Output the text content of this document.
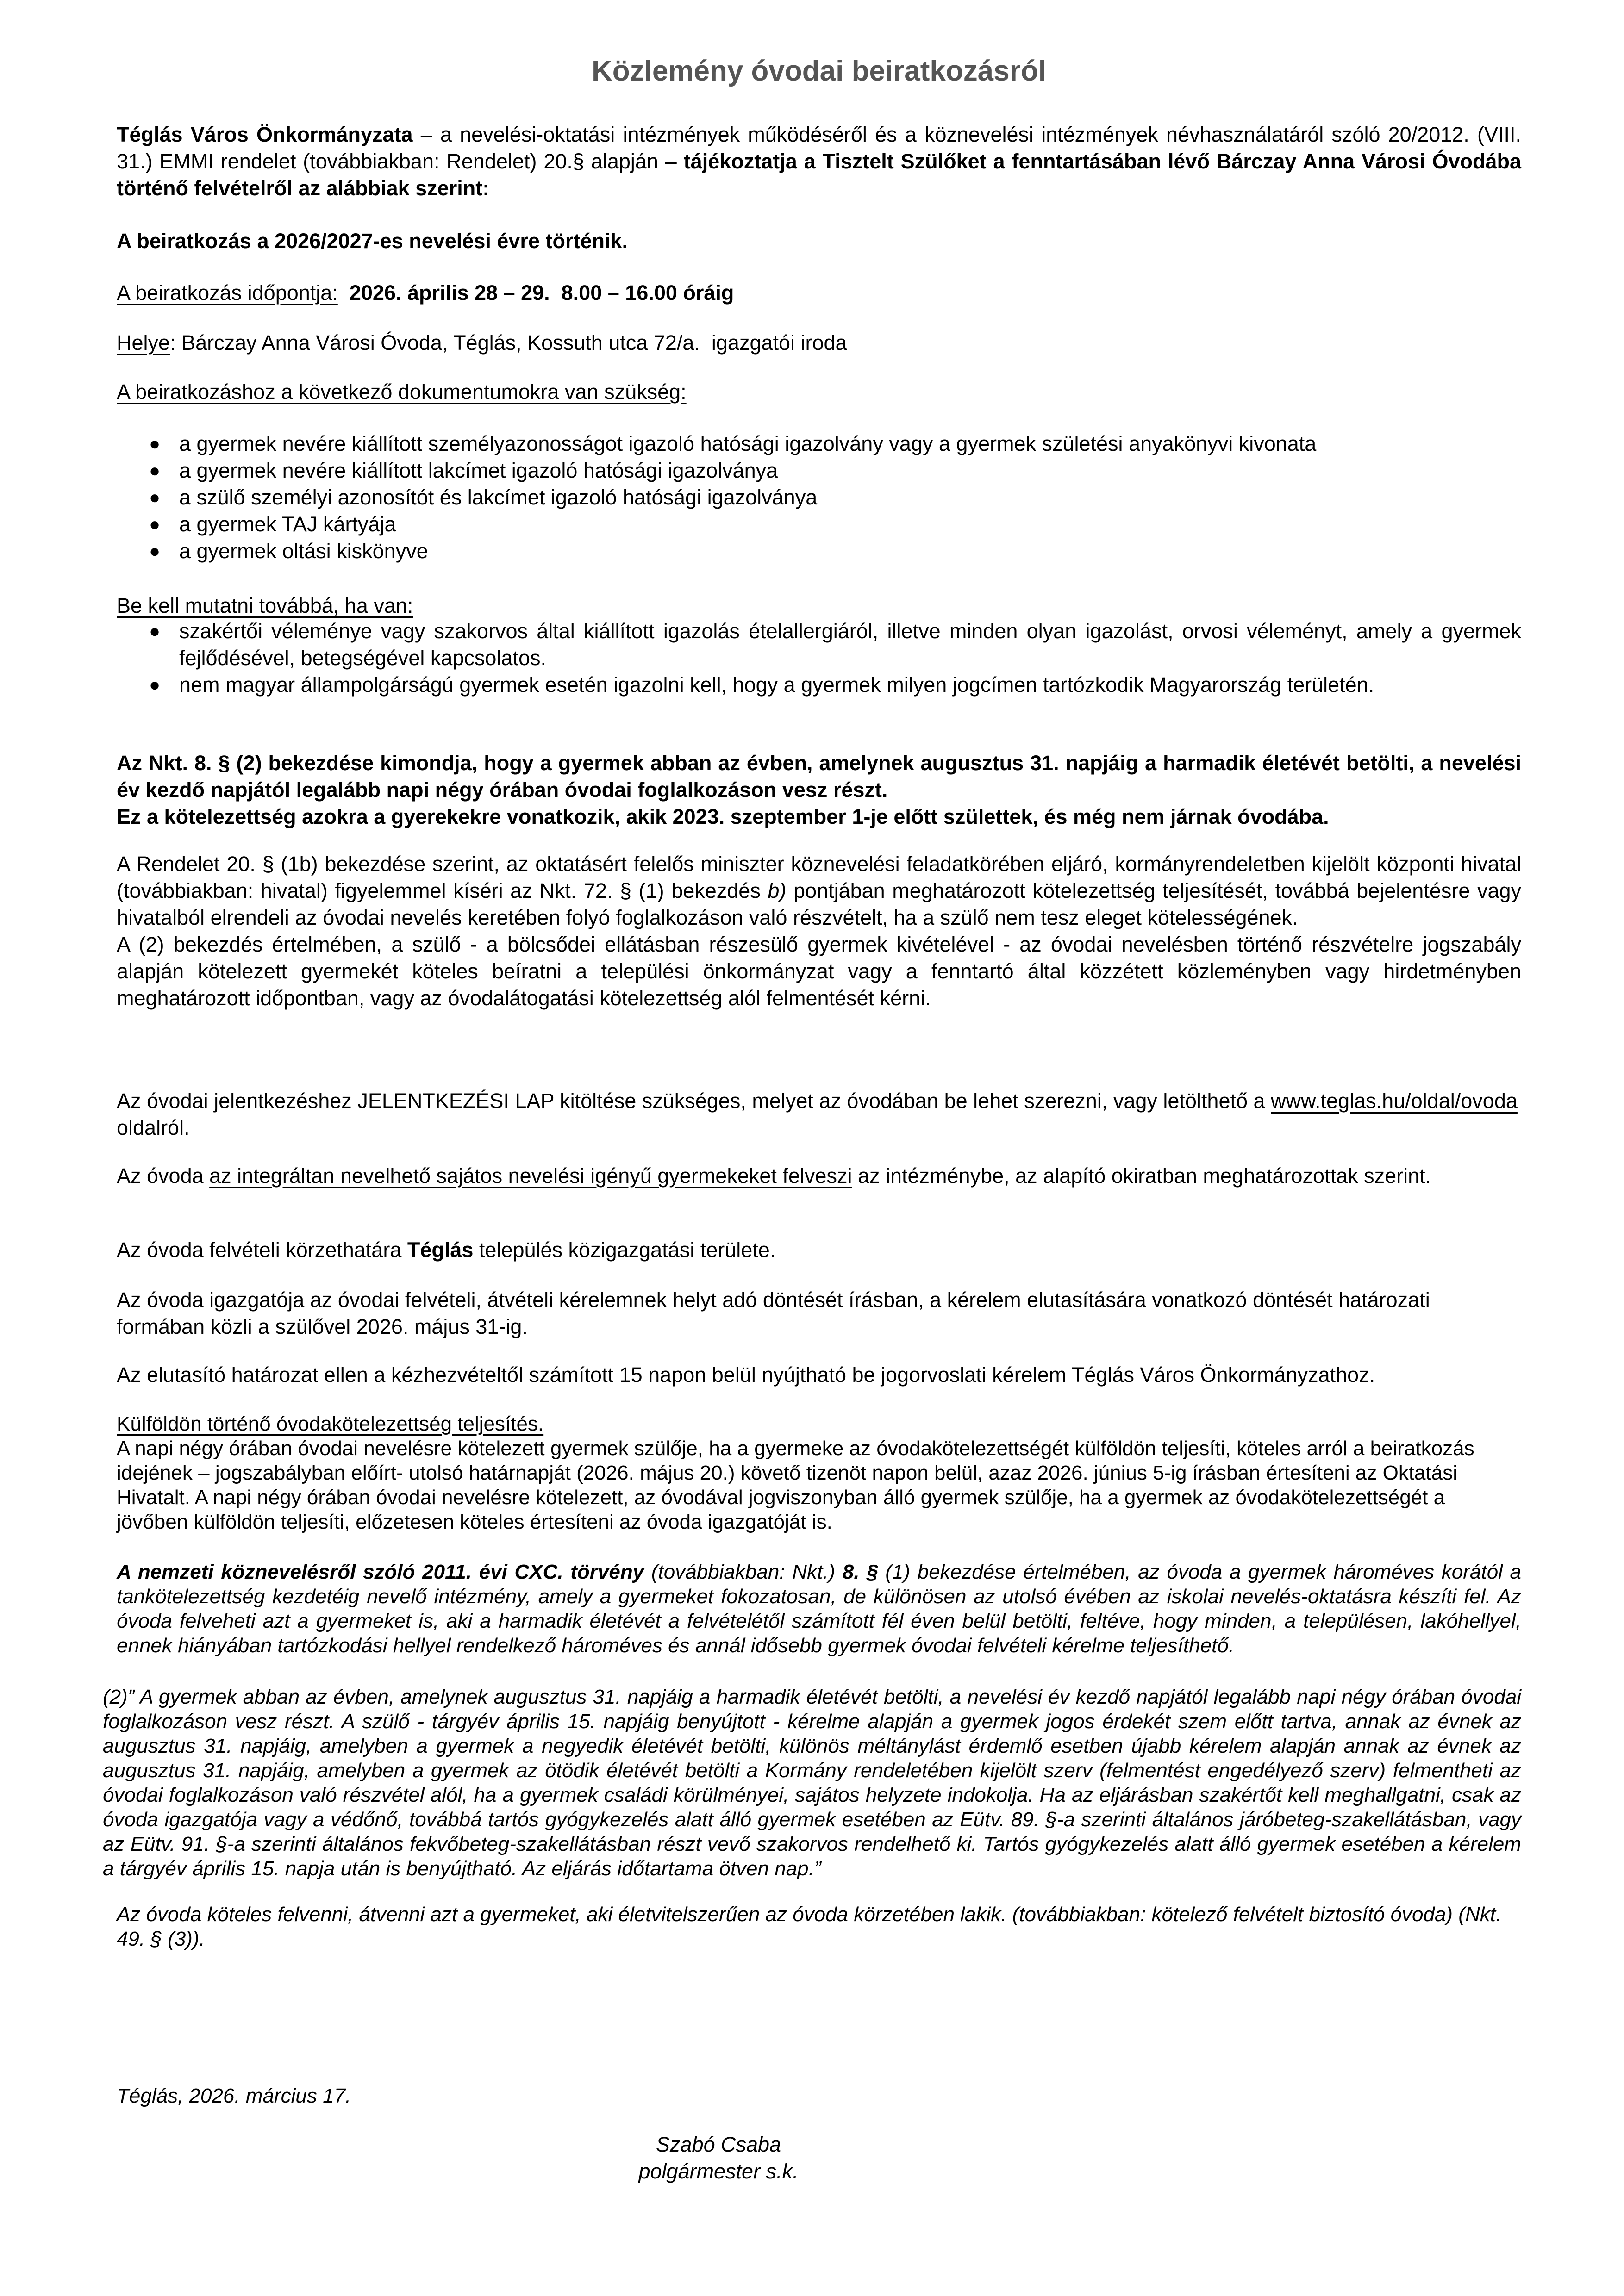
Közlemény óvodai beiratkozásról
Téglás Város Önkormányzata – a nevelési-oktatási intézmények működéséről és a köznevelési intézmények névhasználatáról szóló 20/2012. (VIII. 31.) EMMI rendelet (továbbiakban: Rendelet) 20.§ alapján – tájékoztatja a Tisztelt Szülőket a fenntartásában lévő Bárczay Anna Városi Óvodába történő felvételről az alábbiak szerint:
A beiratkozás a 2026/2027-es nevelési évre történik.
A beiratkozás időpontja:  2026. április 28 – 29.  8.00 – 16.00 óráig
Helye: Bárczay Anna Városi Óvoda, Téglás, Kossuth utca 72/a.  igazgatói iroda
A beiratkozáshoz a következő dokumentumokra van szükség:
● a gyermek nevére kiállított személyazonosságot igazoló hatósági igazolvány vagy a gyermek születési anyakönyvi kivonata
● a gyermek nevére kiállított lakcímet igazoló hatósági igazolványa
● a szülő személyi azonosítót és lakcímet igazoló hatósági igazolványa
● a gyermek TAJ kártyája
● a gyermek oltási kiskönyve
Be kell mutatni továbbá, ha van:
● szakértői véleménye vagy szakorvos által kiállított igazolás ételallergiáról, illetve minden olyan igazolást, orvosi véleményt, amely a gyermek fejlődésével, betegségével kapcsolatos.
● nem magyar állampolgárságú gyermek esetén igazolni kell, hogy a gyermek milyen jogcímen tartózkodik Magyarország területén.
Az Nkt. 8. § (2) bekezdése kimondja, hogy a gyermek abban az évben, amelynek augusztus 31. napjáig a harmadik életévét betölti, a nevelési év kezdő napjától legalább napi négy órában óvodai foglalkozáson vesz részt.
Ez a kötelezettség azokra a gyerekekre vonatkozik, akik 2023. szeptember 1-je előtt születtek, és még nem járnak óvodába.
A Rendelet 20. § (1b) bekezdése szerint, az oktatásért felelős miniszter köznevelési feladatkörében eljáró, kormányrendeletben kijelölt központi hivatal (továbbiakban: hivatal) figyelemmel kíséri az Nkt. 72. § (1) bekezdés b) pontjában meghatározott kötelezettség teljesítését, továbbá bejelentésre vagy hivatalból elrendeli az óvodai nevelés keretében folyó foglalkozáson való részvételt, ha a szülő nem tesz eleget kötelességének.
A (2) bekezdés értelmében, a szülő - a bölcsődei ellátásban részesülő gyermek kivételével - az óvodai nevelésben történő részvételre jogszabály alapján kötelezett gyermekét köteles beíratni a települési önkormányzat vagy a fenntartó által közzétett közleményben vagy hirdetményben meghatározott időpontban, vagy az óvodalátogatási kötelezettség alól felmentését kérni.
Az óvodai jelentkezéshez JELENTKEZÉSI LAP kitöltése szükséges, melyet az óvodában be lehet szerezni, vagy letölthető a www.teglas.hu/oldal/ovoda oldalról.
Az óvoda az integráltan nevelhető sajátos nevelési igényű gyermekeket felveszi az intézménybe, az alapító okiratban meghatározottak szerint.
Az óvoda felvételi körzethatára Téglás település közigazgatási területe.
Az óvoda igazgatója az óvodai felvételi, átvételi kérelemnek helyt adó döntését írásban, a kérelem elutasítására vonatkozó döntését határozati formában közli a szülővel 2026. május 31-ig.
Az elutasító határozat ellen a kézhezvételtől számított 15 napon belül nyújtható be jogorvoslati kérelem Téglás Város Önkormányzathoz.
Külföldön történő óvodakötelezettség teljesítés.
A napi négy órában óvodai nevelésre kötelezett gyermek szülője, ha a gyermeke az óvodakötelezettségét külföldön teljesíti, köteles arról a beiratkozás idejének – jogszabályban előírt- utolsó határnapját (2026. május 20.) követő tizenöt napon belül, azaz 2026. június 5-ig írásban értesíteni az Oktatási Hivatalt. A napi négy órában óvodai nevelésre kötelezett, az óvodával jogviszonyban álló gyermek szülője, ha a gyermek az óvodakötelezettségét a jövőben külföldön teljesíti, előzetesen köteles értesíteni az óvoda igazgatóját is.
A nemzeti köznevelésről szóló 2011. évi CXC. törvény (továbbiakban: Nkt.) 8. § (1) bekezdése értelmében, az óvoda a gyermek hároméves korától a tankötelezettség kezdetéig nevelő intézmény, amely a gyermeket fokozatosan, de különösen az utolsó évében az iskolai nevelés-oktatásra készíti fel. Az óvoda felveheti azt a gyermeket is, aki a harmadik életévét a felvételétől számított fél éven belül betölti, feltéve, hogy minden, a településen, lakóhellyel, ennek hiányában tartózkodási hellyel rendelkező hároméves és annál idősebb gyermek óvodai felvételi kérelme teljesíthető.
(2)” A gyermek abban az évben, amelynek augusztus 31. napjáig a harmadik életévét betölti, a nevelési év kezdő napjától legalább napi négy órában óvodai foglalkozáson vesz részt. A szülő - tárgyév április 15. napjáig benyújtott - kérelme alapján a gyermek jogos érdekét szem előtt tartva, annak az évnek az augusztus 31. napjáig, amelyben a gyermek a negyedik életévét betölti, különös méltánylást érdemlő esetben újabb kérelem alapján annak az évnek az augusztus 31. napjáig, amelyben a gyermek az ötödik életévét betölti a Kormány rendeletében kijelölt szerv (felmentést engedélyező szerv) felmentheti az óvodai foglalkozáson való részvétel alól, ha a gyermek családi körülményei, sajátos helyzete indokolja. Ha az eljárásban szakértőt kell meghallgatni, csak az óvoda igazgatója vagy a védőnő, továbbá tartós gyógykezelés alatt álló gyermek esetében az Eütv. 89. §-a szerinti általános járóbeteg-szakellátásban, vagy az Eütv. 91. §-a szerinti általános fekvőbeteg-szakellátásban részt vevő szakorvos rendelhető ki. Tartós gyógykezelés alatt álló gyermek esetében a kérelem a tárgyév április 15. napja után is benyújtható. Az eljárás időtartama ötven nap.”
Az óvoda köteles felvenni, átvenni azt a gyermeket, aki életvitelszerűen az óvoda körzetében lakik. (továbbiakban: kötelező felvételt biztosító óvoda) (Nkt. 49. § (3)).
Téglás, 2026. március 17.
Szabó Csaba
polgármester s.k.
